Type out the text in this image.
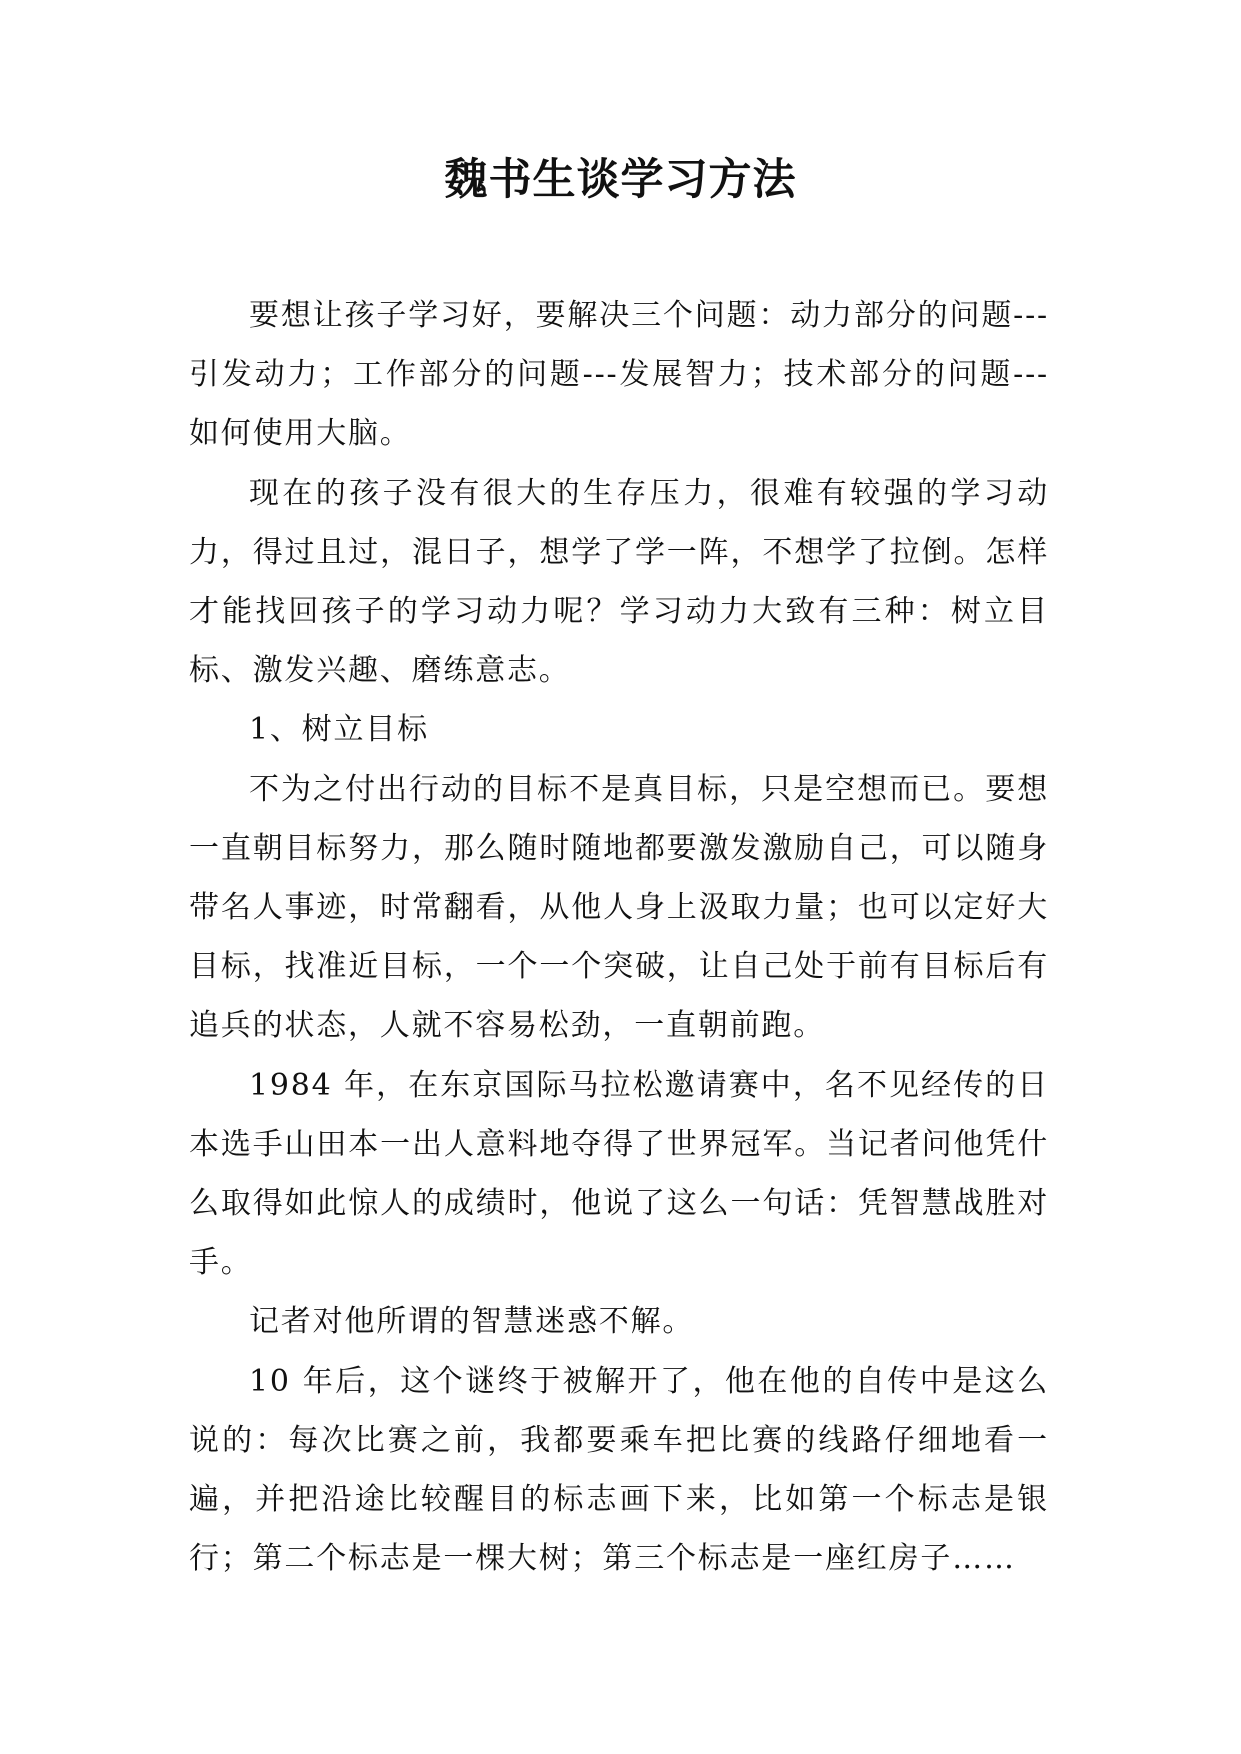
魏书生谈学习方法

要想让孩子学习好，要解决三个问题：动力部分的问题---引发动力；工作部分的问题---发展智力；技术部分的问题---如何使用大脑。

现在的孩子没有很大的生存压力，很难有较强的学习动力，得过且过，混日子，想学了学一阵，不想学了拉倒。怎样才能找回孩子的学习动力呢？学习动力大致有三种：树立目标、激发兴趣、磨练意志。

1、树立目标

不为之付出行动的目标不是真目标，只是空想而已。要想一直朝目标努力，那么随时随地都要激发激励自己，可以随身带名人事迹，时常翻看，从他人身上汲取力量；也可以定好大目标，找准近目标，一个一个突破，让自己处于前有目标后有追兵的状态，人就不容易松劲，一直朝前跑。

1984 年，在东京国际马拉松邀请赛中，名不见经传的日本选手山田本一出人意料地夺得了世界冠军。当记者问他凭什么取得如此惊人的成绩时，他说了这么一句话：凭智慧战胜对手。

记者对他所谓的智慧迷惑不解。

10 年后，这个谜终于被解开了，他在他的自传中是这么说的：每次比赛之前，我都要乘车把比赛的线路仔细地看一遍，并把沿途比较醒目的标志画下来，比如第一个标志是银行；第二个标志是一棵大树；第三个标志是一座红房子……
